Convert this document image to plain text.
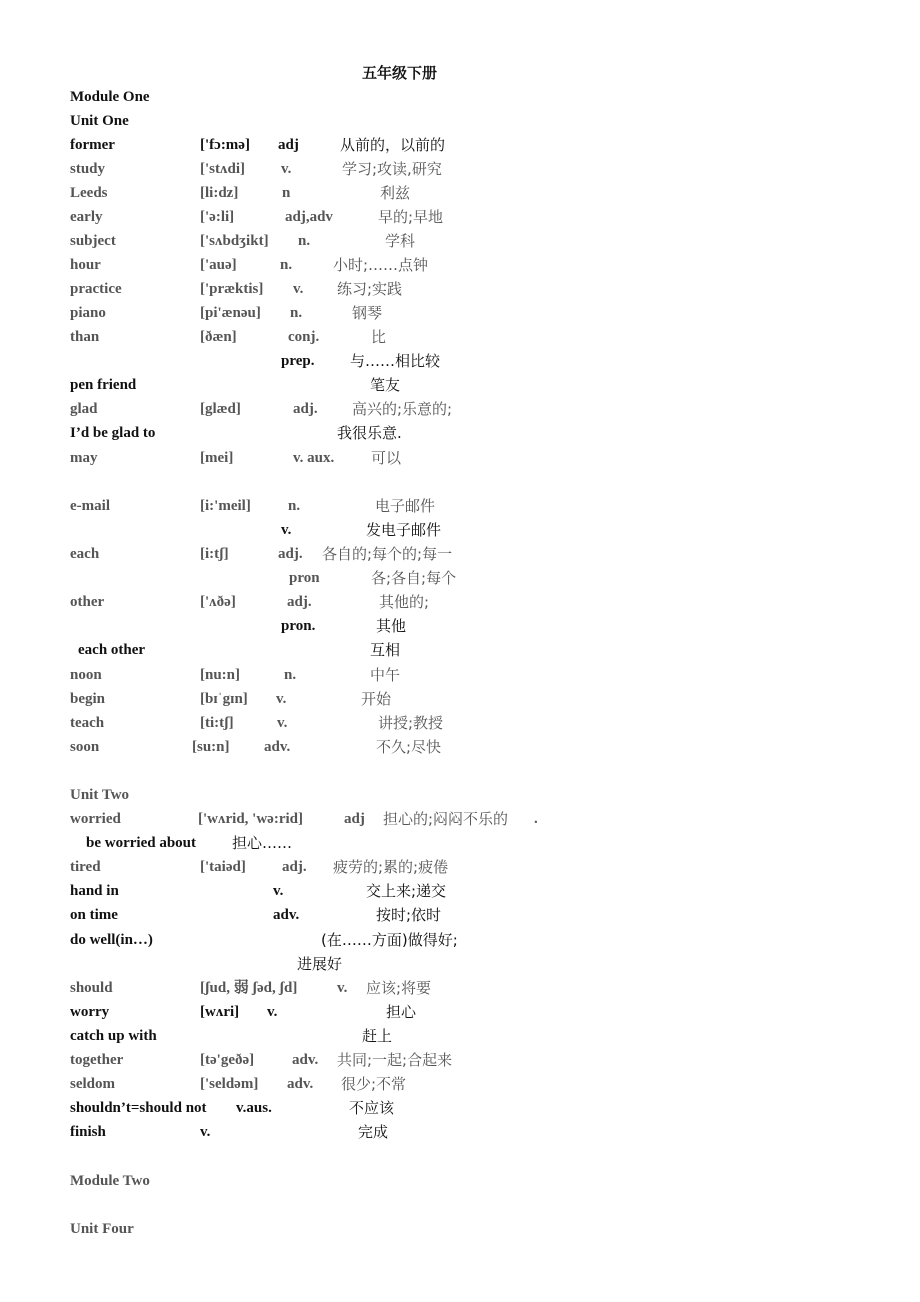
五年级下册
Module One
Unit One
former	['fɔ:mə] adj	从前的，以前的
study	['stʌdi] v.	学习;攻读,研究
Leeds	[li:dz]	n	利兹
early	['ə:li]	adj,adv	早的;早地
subject	['sʌbdʒikt] n.	学科
hour	['auə]	n.	小时;……点钟
practice	['præktis] v. 练习;实践
piano	[pi'ænəu] n.	钢琴
than	[ðæn]	conj.	比
prep. 与……相比较
pen friend	笔友
glad	[glæd]	adj. 高兴的;乐意的;
I’d be glad to	我很乐意.
may	[mei]	v. aux. 可以
e-mail	[i:'meil] n.	电子邮件
v.	发电子邮件
each	[i:tʃ]	adj. 各自的;每个的;每一
pron	各;各自;每个
other	['ʌðə]	adj.	其他的;
pron.	其他
each other	互相
noon	[nu:n]	n.	中午
begin	[bɪˈgɪn] v.	开始
teach	[ti:tʃ]	v.	讲授;教授
soon	[su:n] adv.	不久;尽快
Unit Two
worried	['wʌrid, 'wə:rid]	adj 担心的;闷闷不乐的 .
be worried about 担心……
tired	['taiəd] adj. 疲劳的;累的;疲倦
hand in	v.	交上来;递交
on time	adv.	按时;依时
do well(in…)	(在……方面)做得好;
进展好
should	[ʃud, 弱 ʃəd, ʃd]	v. 应该;将要
worry	[wʌri] v.	担心
catch up with	赶上
together	[tə'geðə]	adv. 共同;一起;合起来
seldom	['seldəm] adv. 很少;不常
shouldn’t=should not v.aus.	不应该
finish	v.	完成
Module Two
Unit Four
